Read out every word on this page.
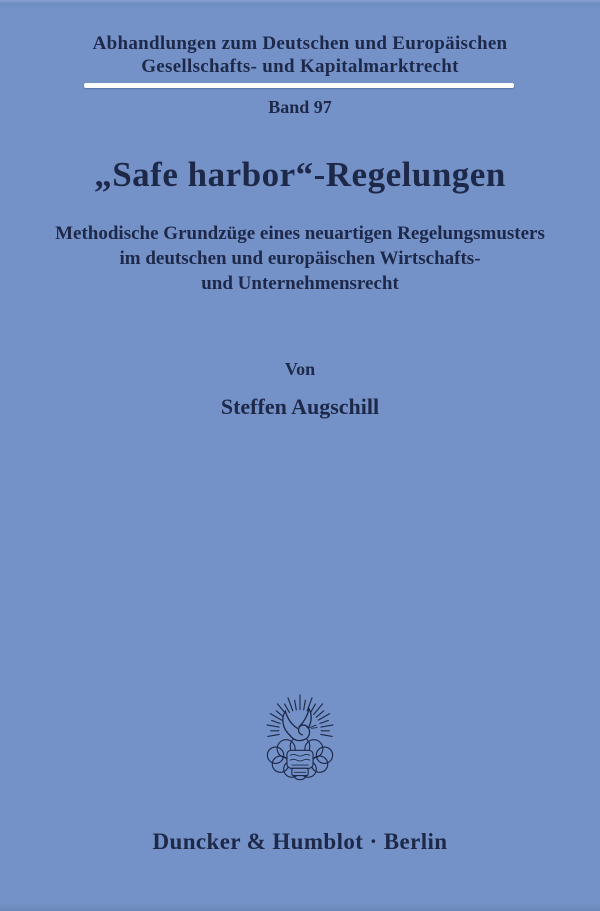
Abhandlungen zum Deutschen und Europäischen
Gesellschafts- und Kapitalmarktrecht
Band 97
„Safe harbor“-Regelungen
Methodische Grundzüge eines neuartigen Regelungsmusters
im deutschen und europäischen Wirtschafts-
und Unternehmensrecht
Von
Steffen Augschill
Duncker & Humblot · Berlin
